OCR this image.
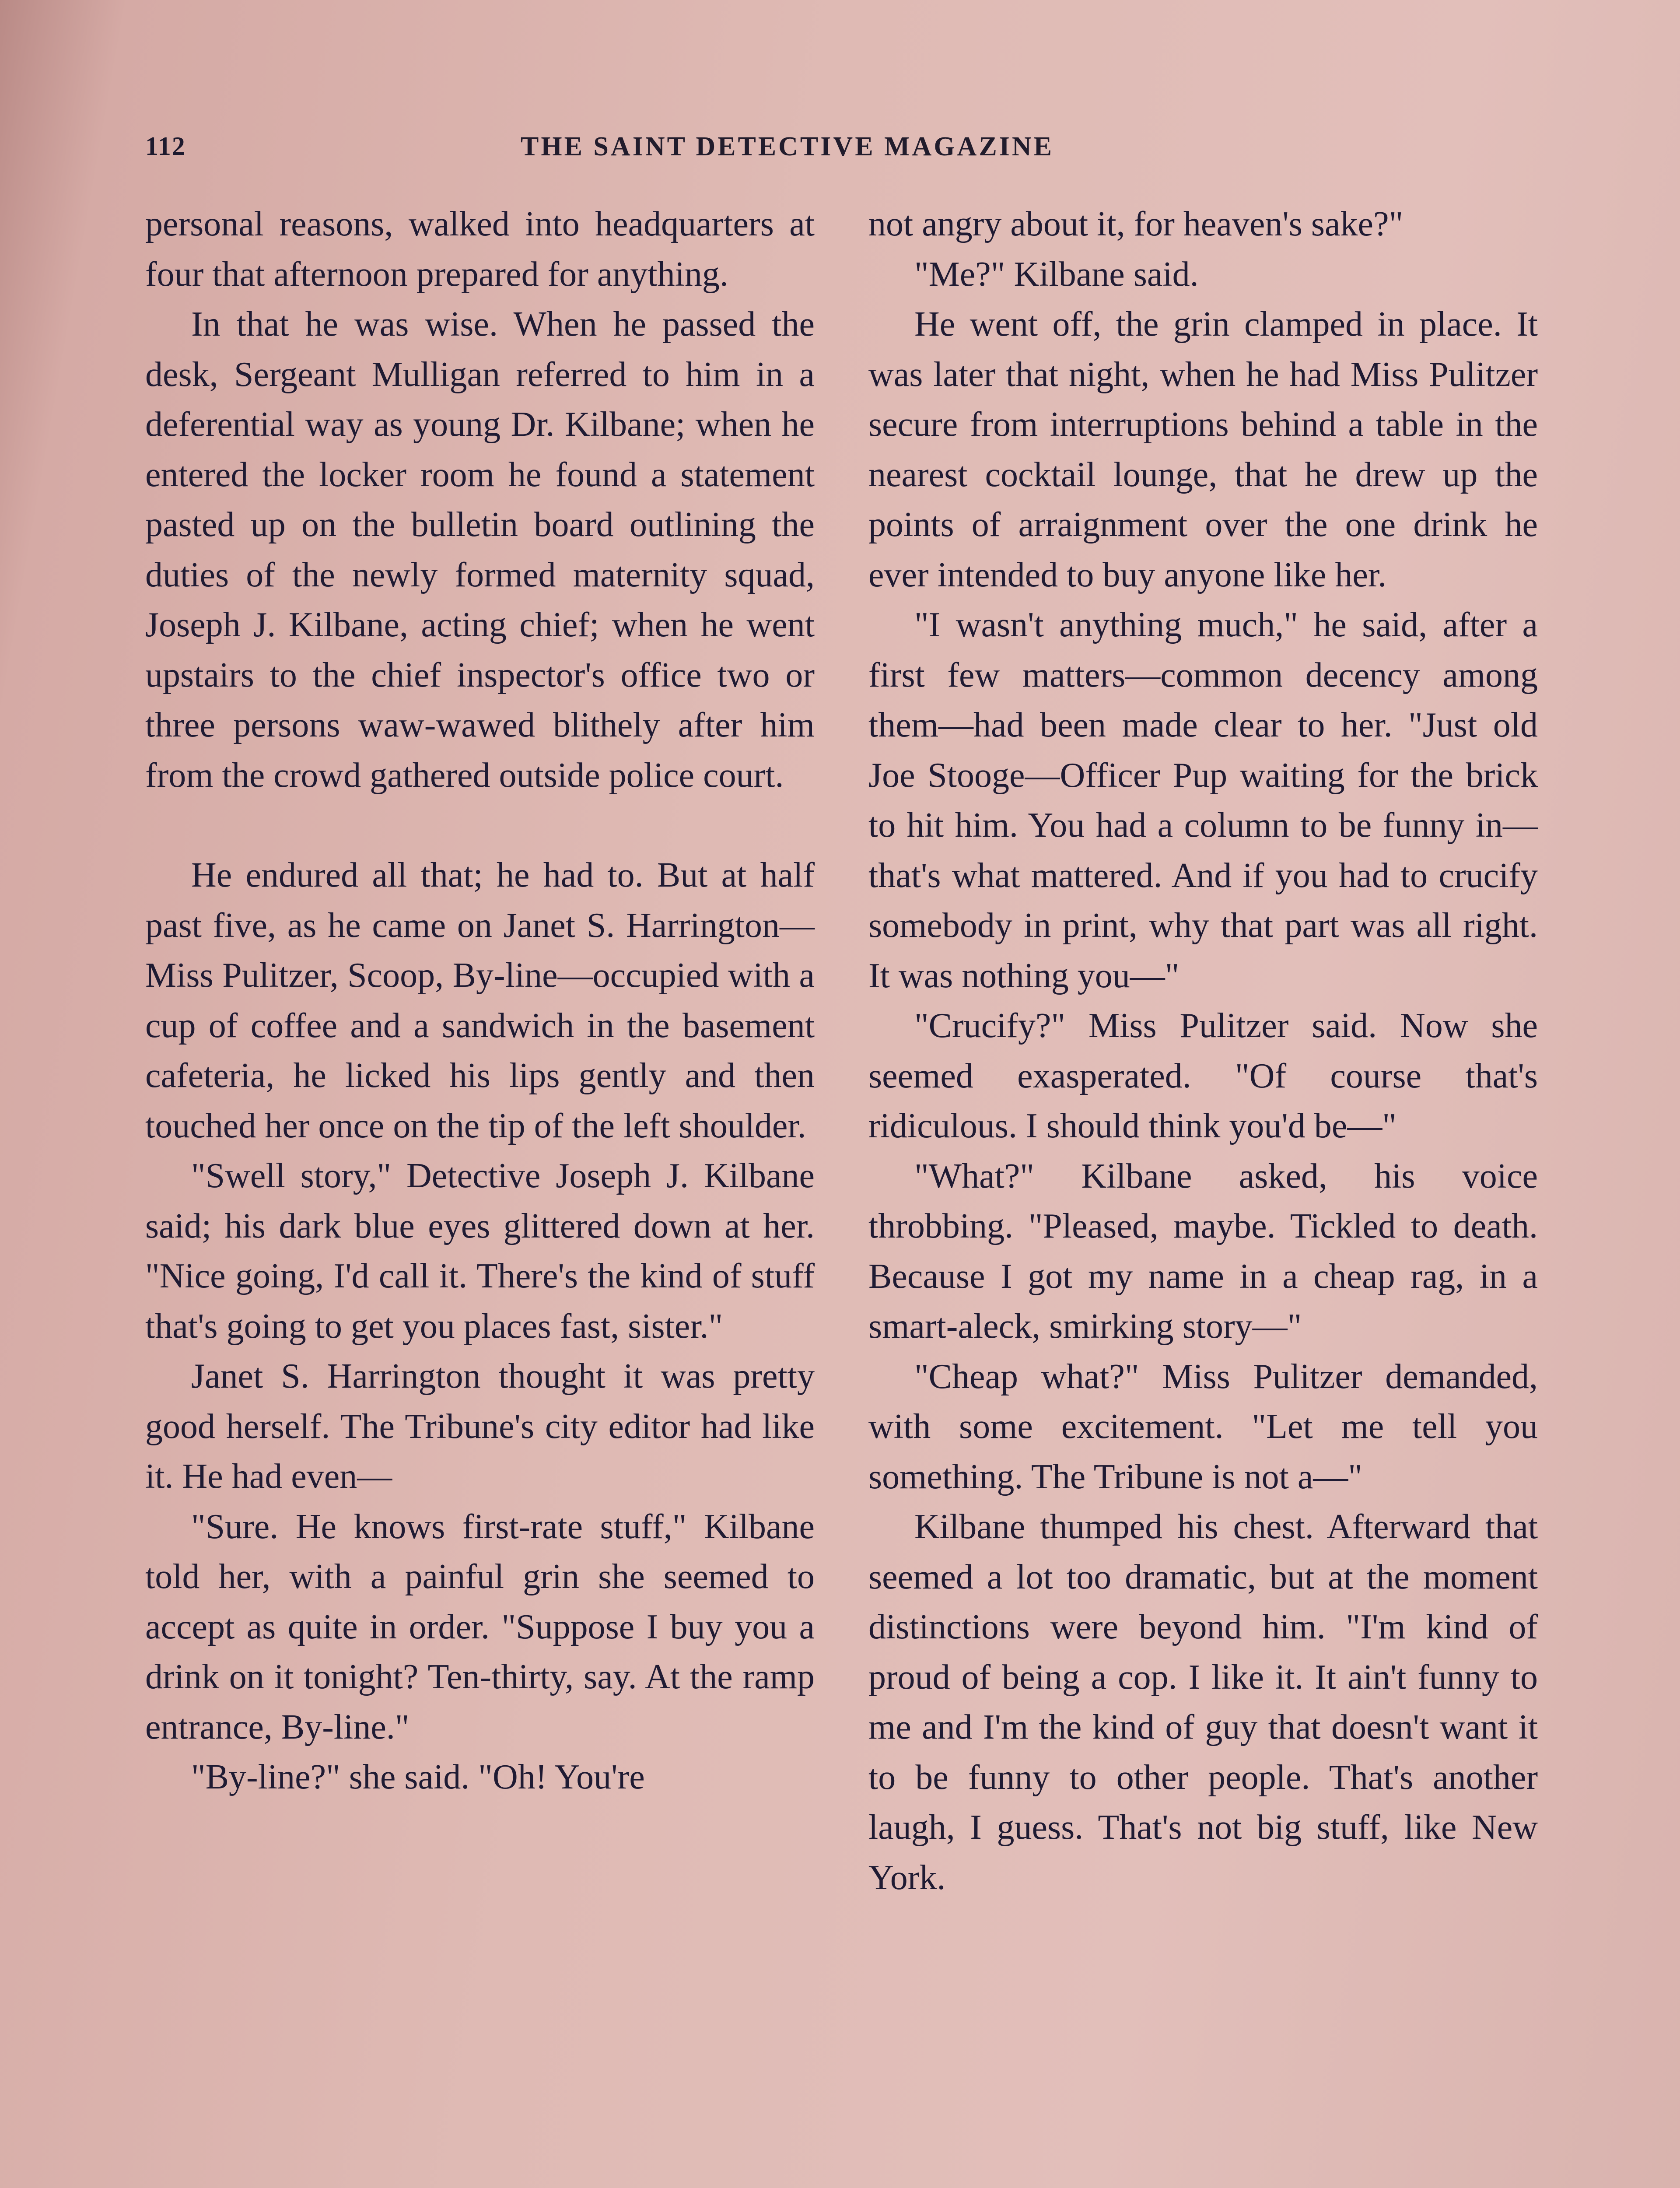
112	THE SAINT DETECTIVE MAGAZINE

personal reasons, walked into headquarters at four that afternoon prepared for anything.

In that he was wise. When he passed the desk, Sergeant Mulligan referred to him in a deferential way as young Dr. Kilbane; when he entered the locker room he found a statement pasted up on the bulletin board outlining the duties of the newly formed maternity squad, Joseph J. Kilbane, acting chief; when he went upstairs to the chief inspector's office two or three persons waw-wawed blithely after him from the crowd gathered outside police court.

He endured all that; he had to. But at half past five, as he came on Janet S. Harrington—Miss Pulitzer, Scoop, By-line—occupied with a cup of coffee and a sandwich in the basement cafeteria, he licked his lips gently and then touched her once on the tip of the left shoulder.

"Swell story," Detective Joseph J. Kilbane said; his dark blue eyes glittered down at her. "Nice going, I'd call it. There's the kind of stuff that's going to get you places fast, sister."

Janet S. Harrington thought it was pretty good herself. The Tribune's city editor had like it. He had even—

"Sure. He knows first-rate stuff," Kilbane told her, with a painful grin she seemed to accept as quite in order. "Suppose I buy you a drink on it tonight? Ten-thirty, say. At the ramp entrance, By-line."

"By-line?" she said. "Oh! You're

not angry about it, for heaven's sake?"

"Me?" Kilbane said.

He went off, the grin clamped in place. It was later that night, when he had Miss Pulitzer secure from interruptions behind a table in the nearest cocktail lounge, that he drew up the points of arraignment over the one drink he ever intended to buy anyone like her.

"I wasn't anything much," he said, after a first few matters—common decency among them—had been made clear to her. "Just old Joe Stooge—Officer Pup waiting for the brick to hit him. You had a column to be funny in—that's what mattered. And if you had to crucify somebody in print, why that part was all right. It was nothing you—"

"Crucify?" Miss Pulitzer said. Now she seemed exasperated. "Of course that's ridiculous. I should think you'd be—"

"What?" Kilbane asked, his voice throbbing. "Pleased, maybe. Tickled to death. Because I got my name in a cheap rag, in a smart-aleck, smirking story—"

"Cheap what?" Miss Pulitzer demanded, with some excitement. "Let me tell you something. The Tribune is not a—"

Kilbane thumped his chest. Afterward that seemed a lot too dramatic, but at the moment distinctions were beyond him. "I'm kind of proud of being a cop. I like it. It ain't funny to me and I'm the kind of guy that doesn't want it to be funny to other people. That's another laugh, I guess. That's not big stuff, like New York.
